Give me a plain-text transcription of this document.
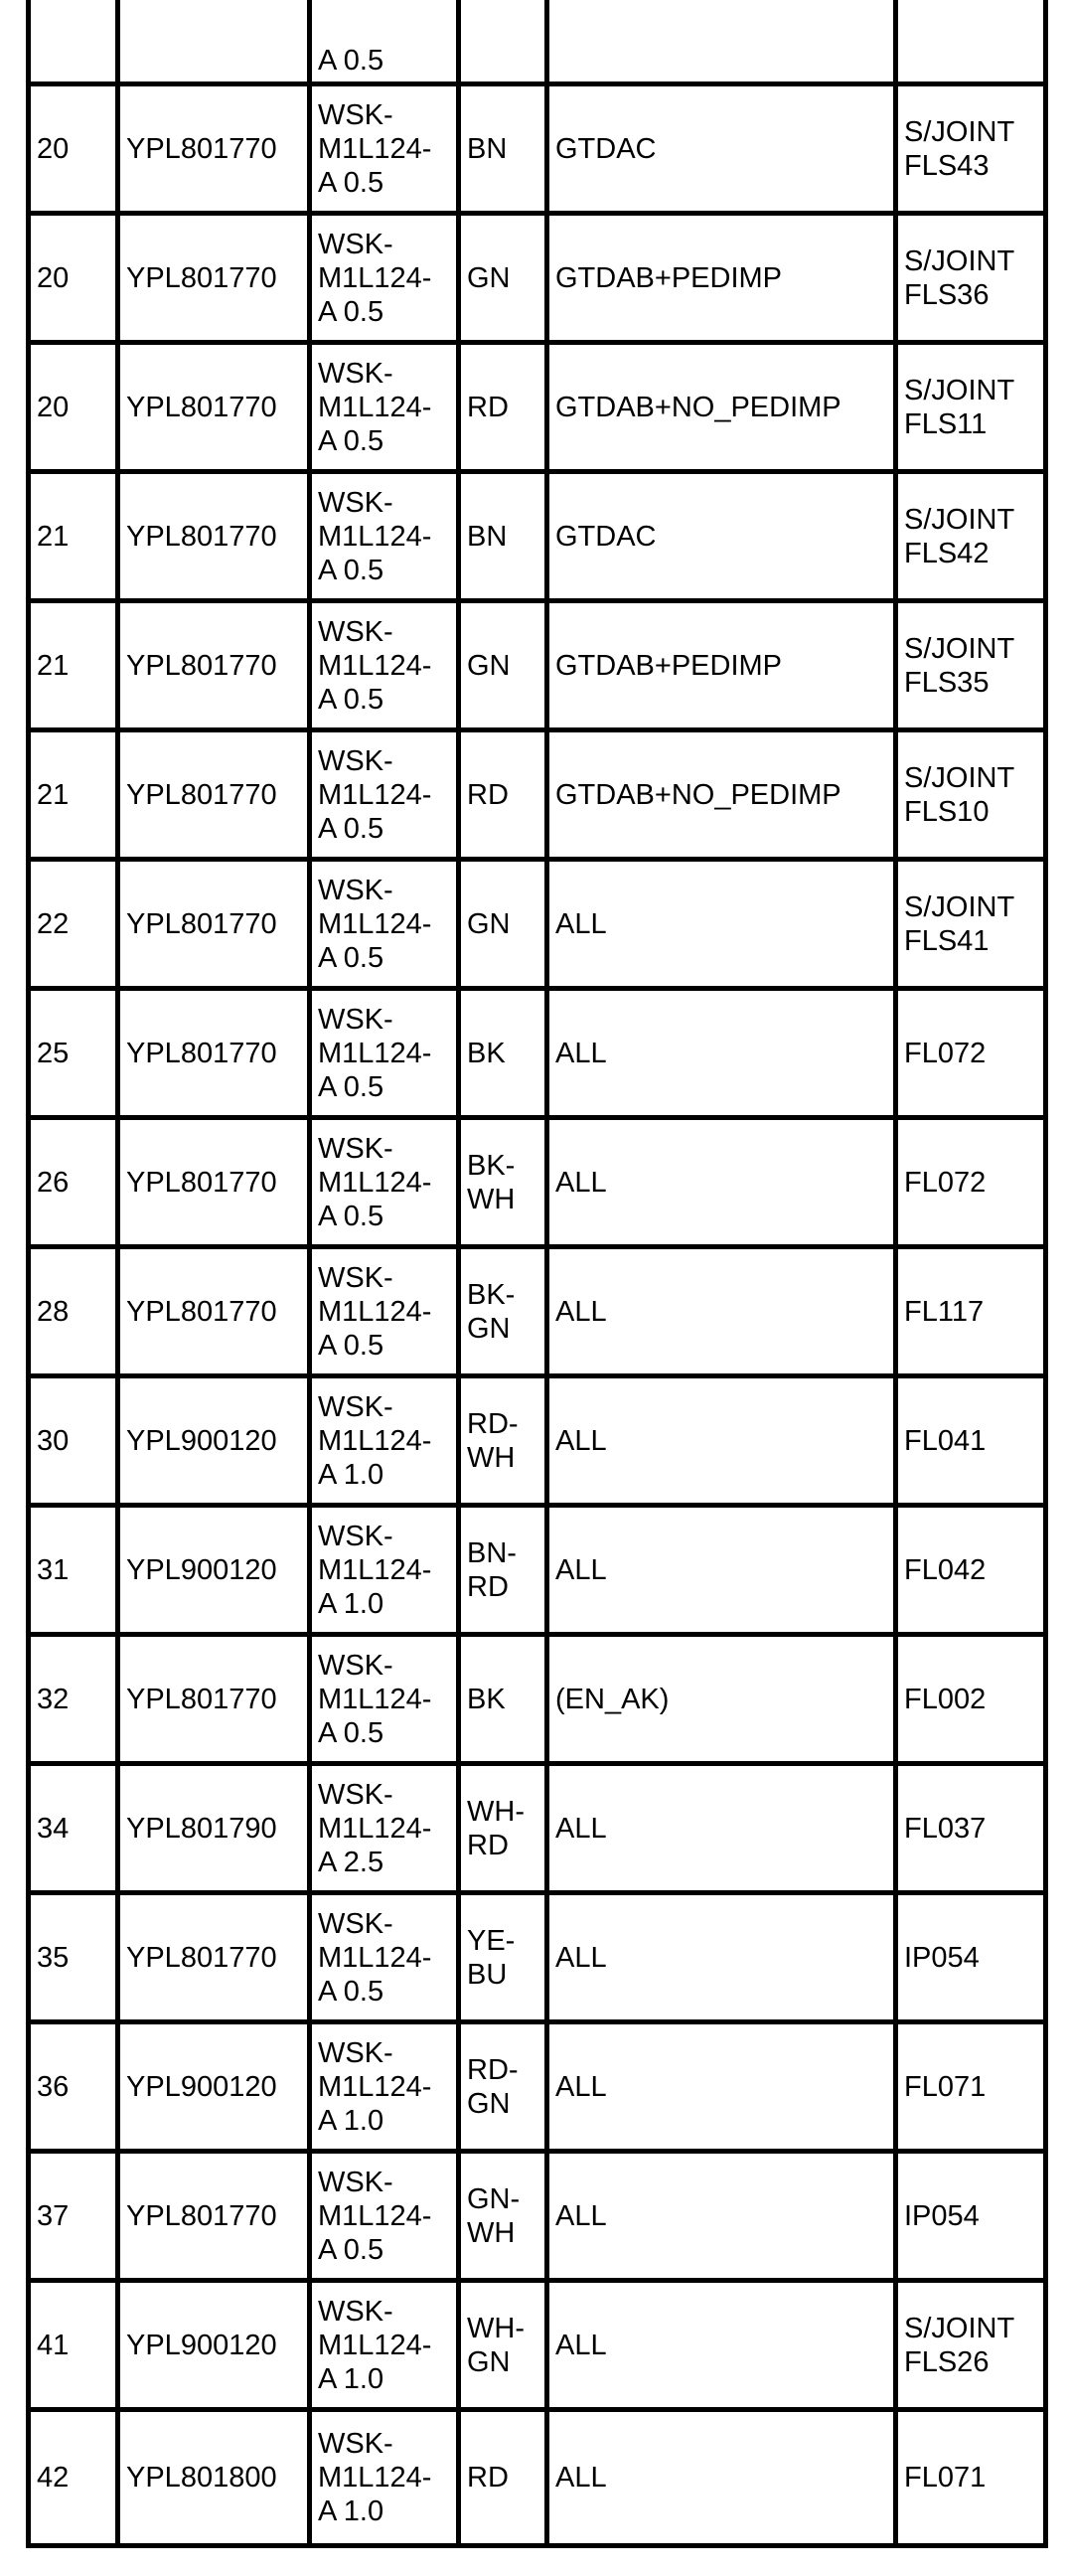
		A 0.5			
20	YPL801770	WSK-
M1L124-
A 0.5	BN	GTDAC	S/JOINT
FLS43
20	YPL801770	WSK-
M1L124-
A 0.5	GN	GTDAB+PEDIMP	S/JOINT
FLS36
20	YPL801770	WSK-
M1L124-
A 0.5	RD	GTDAB+NO_PEDIMP	S/JOINT
FLS11
21	YPL801770	WSK-
M1L124-
A 0.5	BN	GTDAC	S/JOINT
FLS42
21	YPL801770	WSK-
M1L124-
A 0.5	GN	GTDAB+PEDIMP	S/JOINT
FLS35
21	YPL801770	WSK-
M1L124-
A 0.5	RD	GTDAB+NO_PEDIMP	S/JOINT
FLS10
22	YPL801770	WSK-
M1L124-
A 0.5	GN	ALL	S/JOINT
FLS41
25	YPL801770	WSK-
M1L124-
A 0.5	BK	ALL	FL072
26	YPL801770	WSK-
M1L124-
A 0.5	BK-
WH	ALL	FL072
28	YPL801770	WSK-
M1L124-
A 0.5	BK-
GN	ALL	FL117
30	YPL900120	WSK-
M1L124-
A 1.0	RD-
WH	ALL	FL041
31	YPL900120	WSK-
M1L124-
A 1.0	BN-
RD	ALL	FL042
32	YPL801770	WSK-
M1L124-
A 0.5	BK	(EN_AK)	FL002
34	YPL801790	WSK-
M1L124-
A 2.5	WH-
RD	ALL	FL037
35	YPL801770	WSK-
M1L124-
A 0.5	YE-
BU	ALL	IP054
36	YPL900120	WSK-
M1L124-
A 1.0	RD-
GN	ALL	FL071
37	YPL801770	WSK-
M1L124-
A 0.5	GN-
WH	ALL	IP054
41	YPL900120	WSK-
M1L124-
A 1.0	WH-
GN	ALL	S/JOINT
FLS26
42	YPL801800	WSK-
M1L124-
A 1.0	RD	ALL	FL071
